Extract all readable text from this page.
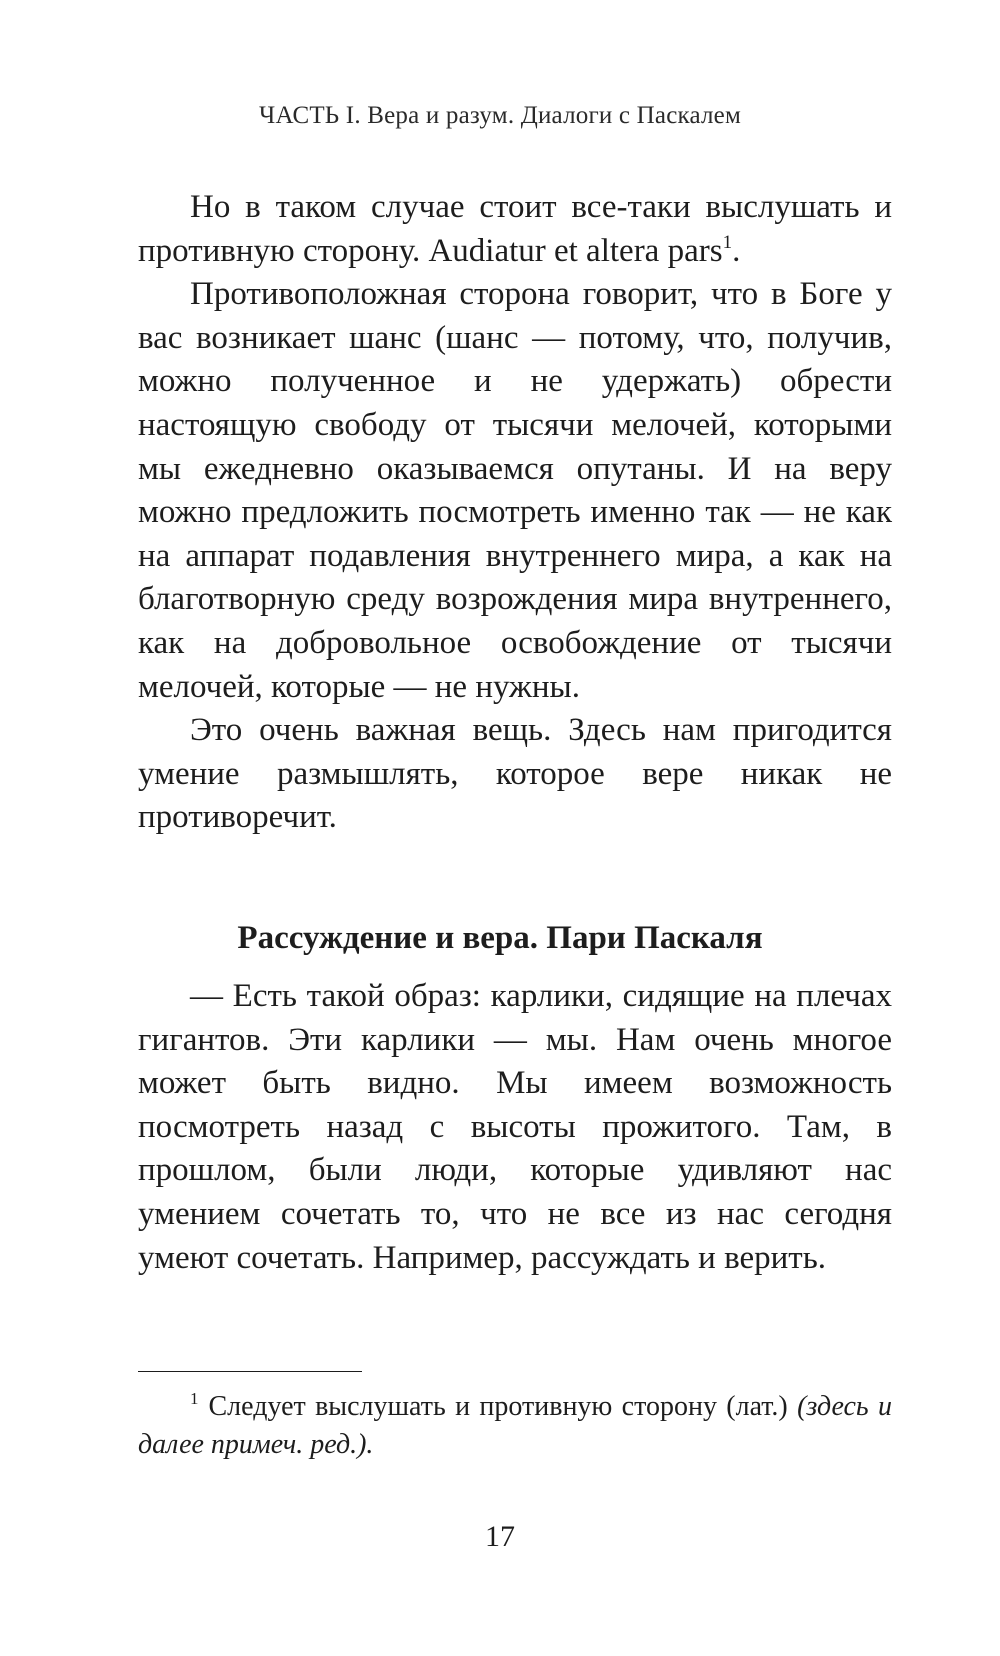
ЧАСТЬ I. Вера и разум. Диалоги с Паскалем

Но в таком случае стоит все-таки выслушать и противную сторону. Audiatur et altera pars$^1$.

Противоположная сторона говорит, что в Боге у вас возникает шанс (шанс — потому, что, получив, можно полученное и не удержать) обрести настоящую свободу от тысячи мелочей, которыми мы ежедневно оказываемся опутаны. И на веру можно предложить посмотреть именно так — не как на аппарат подавления внутреннего мира, а как на благотворную среду возрождения мира внутреннего, как на добровольное освобождение от тысячи мелочей, которые — не нужны.

Это очень важная вещь. Здесь нам пригодится умение размышлять, которое вере никак не противоречит.

Рассуждение и вера. Пари Паскаля

— Есть такой образ: карлики, сидящие на плечах гигантов. Эти карлики — мы. Нам очень многое может быть видно. Мы имеем возможность посмотреть назад с высоты прожитого. Там, в прошлом, были люди, которые удивляют нас умением сочетать то, что не все из нас сегодня умеют сочетать. Например, рассуждать и верить.

$^1$ Следует выслушать и противную сторону (лат.) (здесь и далее примеч. ред.).
17
